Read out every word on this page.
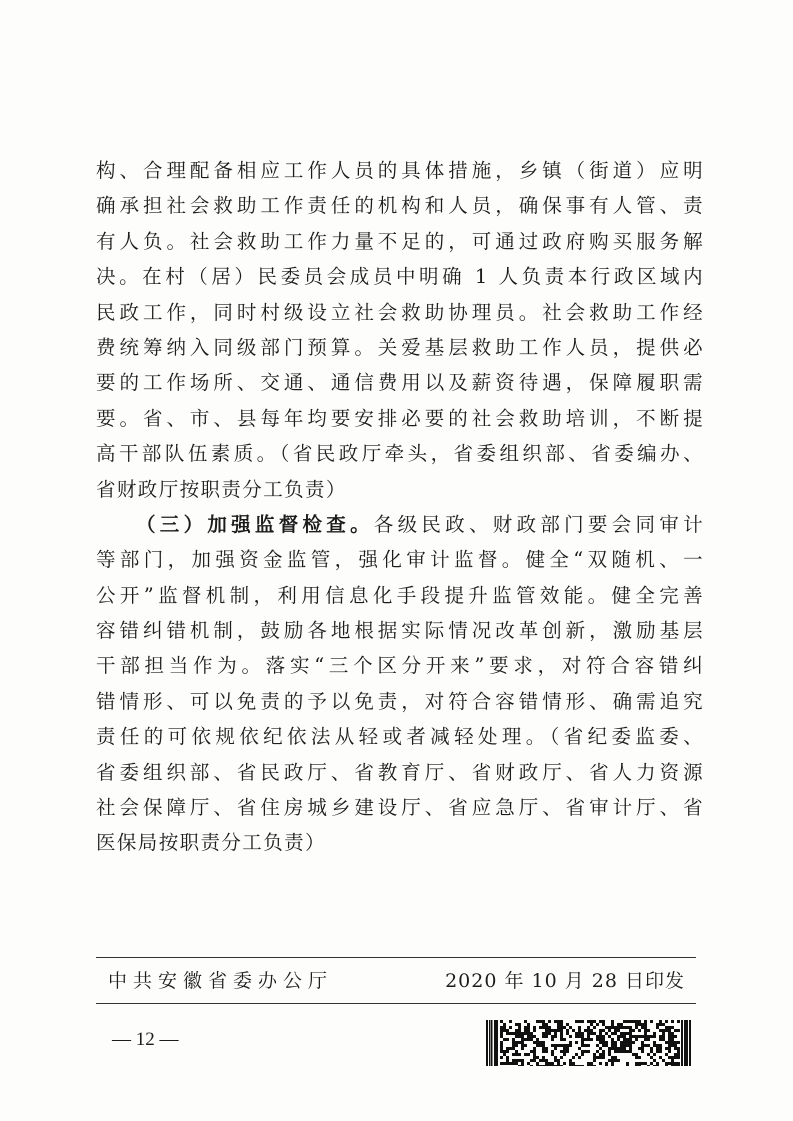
构、合理配备相应工作人员的具体措施，乡镇（街道）应明
确承担社会救助工作责任的机构和人员，确保事有人管、责
有人负。社会救助工作力量不足的，可通过政府购买服务解
决。在村（居）民委员会成员中明确 1 人负责本行政区域内
民政工作，同时村级设立社会救助协理员。社会救助工作经
费统筹纳入同级部门预算。关爱基层救助工作人员，提供必
要的工作场所、交通、通信费用以及薪资待遇，保障履职需
要。省、市、县每年均要安排必要的社会救助培训，不断提
高干部队伍素质。（省民政厅牵头，省委组织部、省委编办、
省财政厅按职责分工负责）
（三）加强监督检查。各级民政、财政部门要会同审计
等部门，加强资金监管，强化审计监督。健全“双随机、一
公开”监督机制，利用信息化手段提升监管效能。健全完善
容错纠错机制，鼓励各地根据实际情况改革创新，激励基层
干部担当作为。落实“三个区分开来”要求，对符合容错纠
错情形、可以免责的予以免责，对符合容错情形、确需追究
责任的可依规依纪依法从轻或者减轻处理。（省纪委监委、
省委组织部、省民政厅、省教育厅、省财政厅、省人力资源
社会保障厅、省住房城乡建设厅、省应急厅、省审计厅、省
医保局按职责分工负责）
中共安徽省委办公厅	2020 年 10 月 28 日印发
— 12 —
